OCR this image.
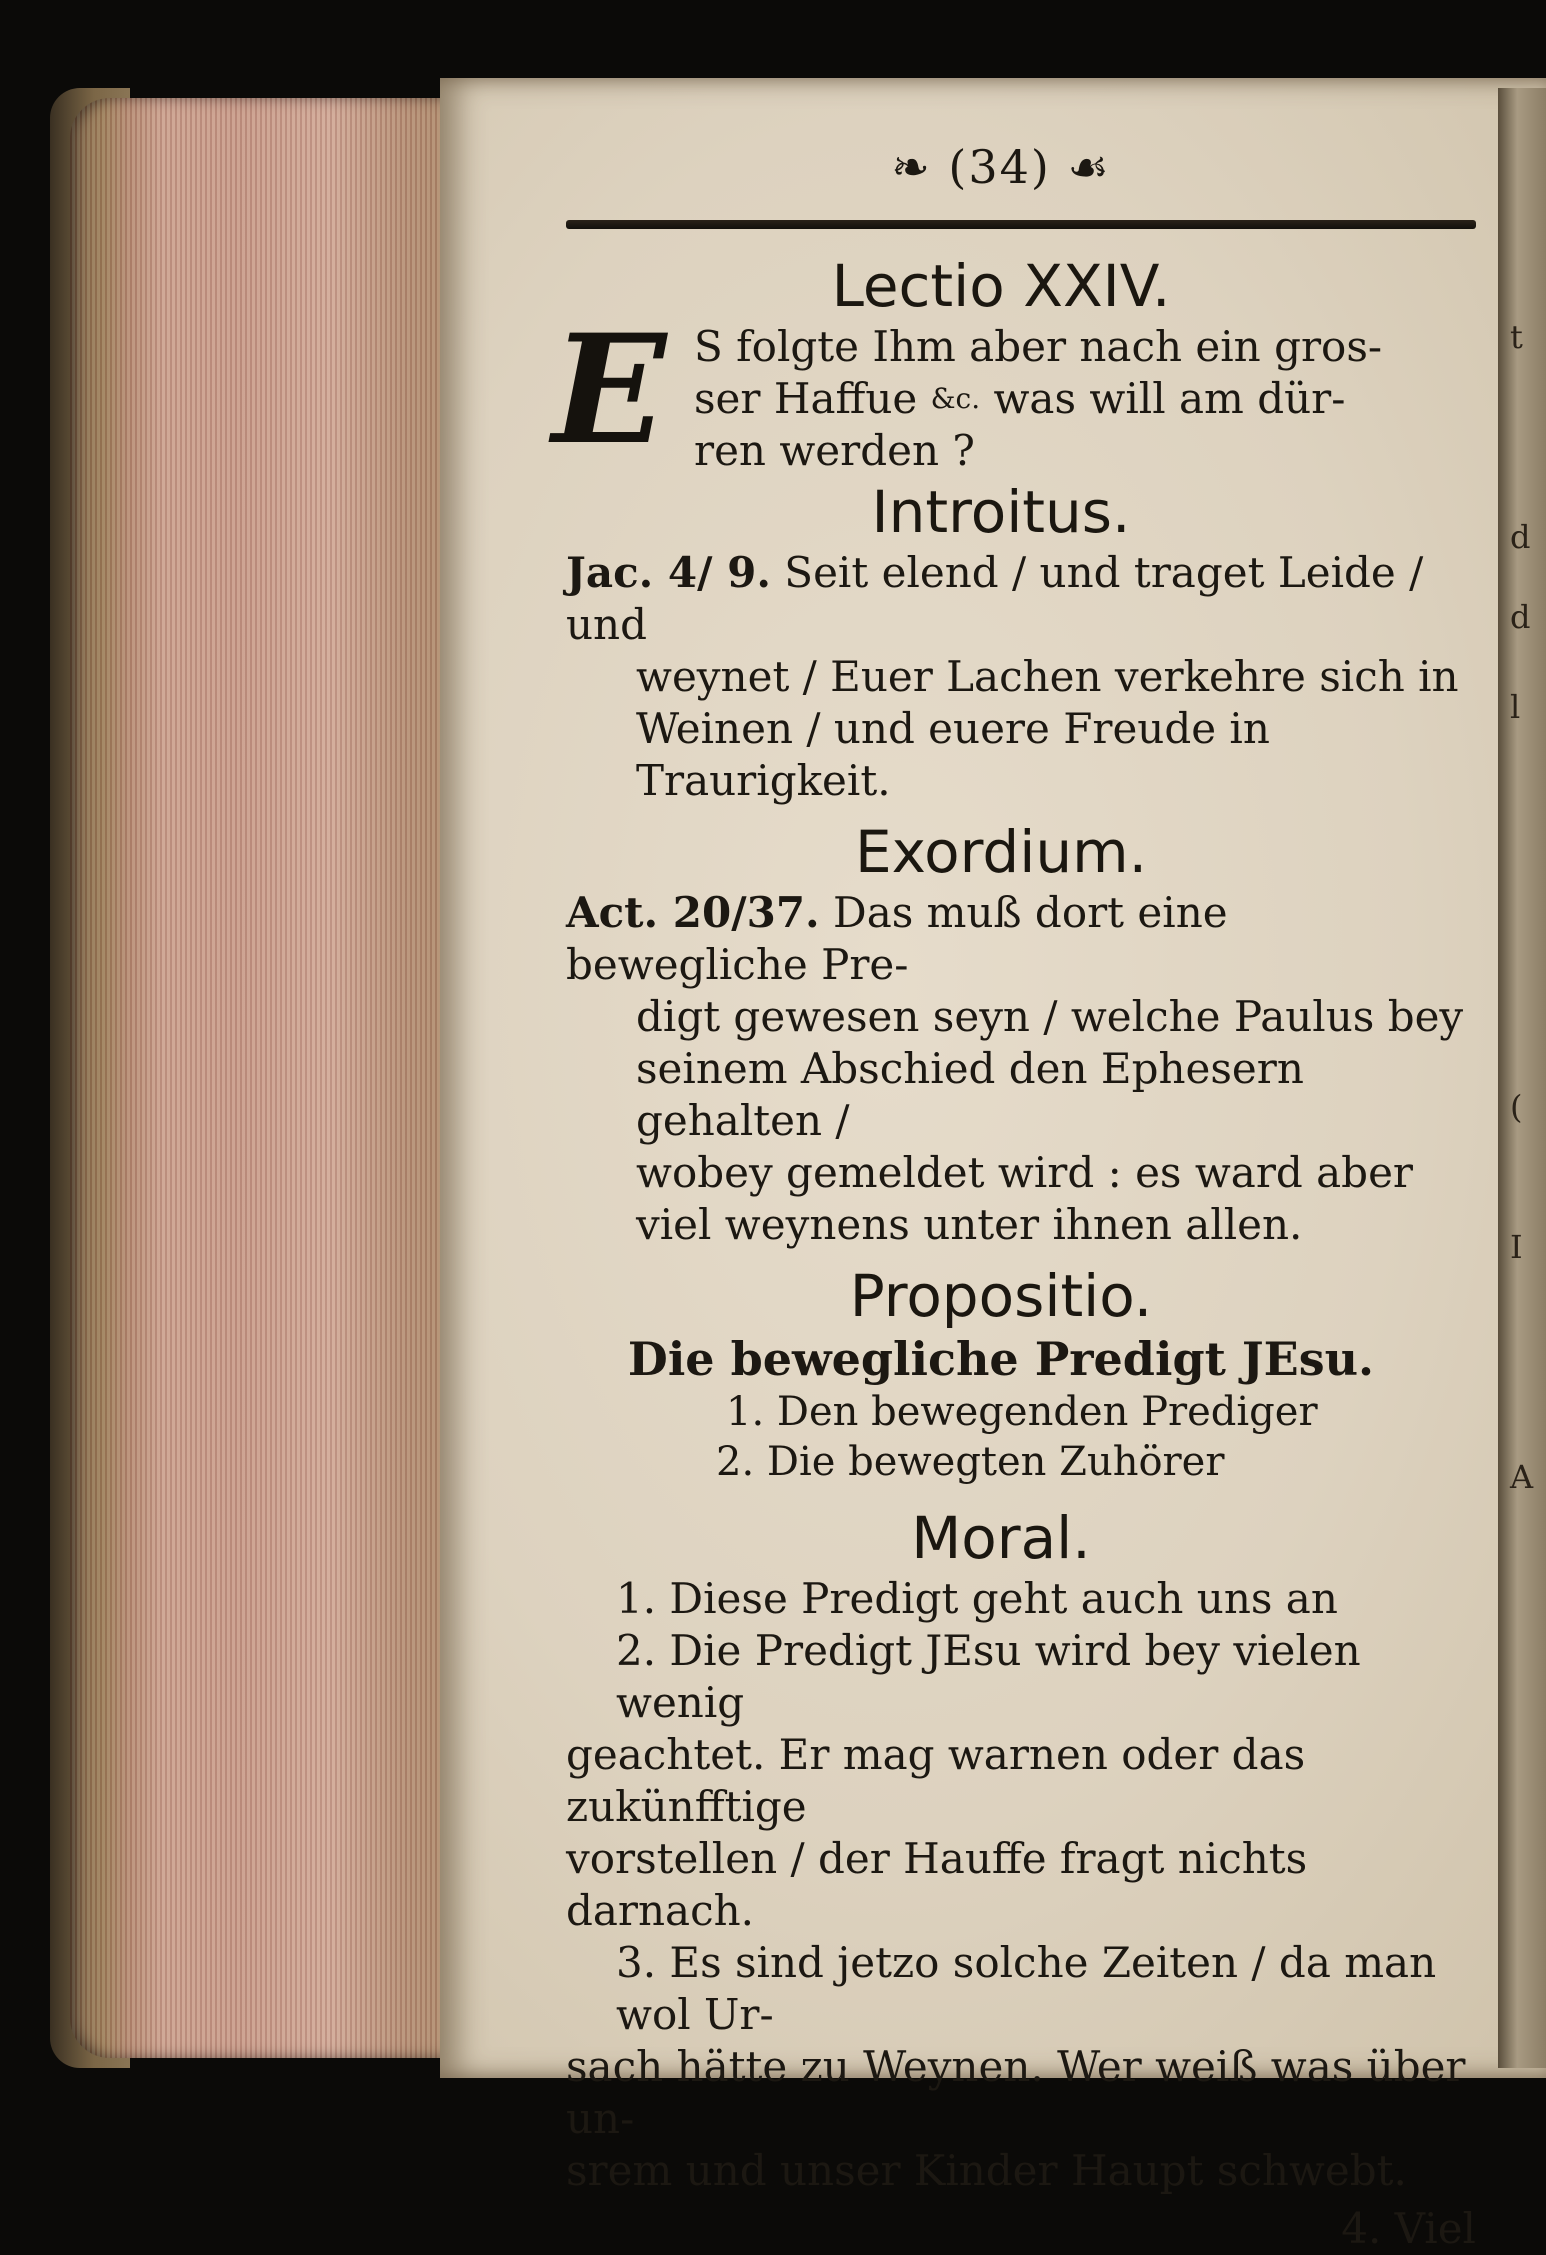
t
d
d
l
(
I
A
❧ (34) ☙
Lectio XXIV.
E S folgte Ihm aber nach ein gros-
ser Haffue $^{\&c.}$ was will am dür-
ren werden ?
Introitus.
Jac. 4/ 9. Seit elend / und traget Leide / und
weynet / Euer Lachen verkehre sich in
Weinen / und euere Freude in Traurigkeit.
Exordium.
Act. 20/37. Das muß dort eine bewegliche Pre-
digt gewesen seyn / welche Paulus bey
seinem Abschied den Ephesern gehalten /
wobey gemeldet wird : es ward aber
viel weynens unter ihnen allen.
Propositio.
Die bewegliche Predigt JEsu.
1. Den bewegenden Prediger
2. Die bewegten Zuhörer
Moral.
1. Diese Predigt geht auch uns an
2. Die Predigt JEsu wird bey vielen wenig
geachtet. Er mag warnen oder das zukünfftige
vorstellen / der Hauffe fragt nichts darnach.
3. Es sind jetzo solche Zeiten / da man wol Ur-
sach hätte zu Weynen. Wer weiß was über un-
srem und unser Kinder Haupt schwebt.
4. Viel
